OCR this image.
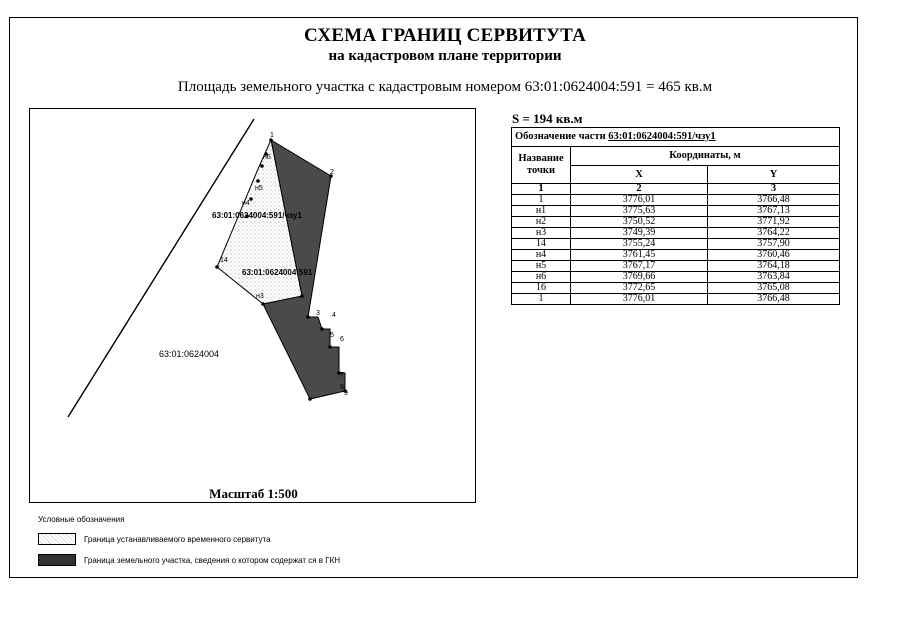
СХЕМА ГРАНИЦ СЕРВИТУТА
на кадастровом плане территории
Площадь земельного участка с кадастровым номером 63:01:0624004:591 = 465 кв.м
1
н6
н5
н4
14
н3
2
3 4
5
6
7
8
9
63:01:0624004:591/чзу1
63:01:0624004:591
63:01:0624004
Масштаб 1:500
S = 194 кв.м
Обозначение части 63:01:0624004:591/чзу1		
Название точки	Координаты, м	
	X	Y
1	2	3
1	3776,01	3766,48
н1	3775,63	3767,13
н2	3750,52	3771,92
н3	3749,39	3764,22
14	3755,24	3757,90
н4	3761,45	3760,46
н5	3767,17	3764,18
н6	3769,66	3763,84
16	3772,65	3765,08
1	3776,01	3766,48
Условные обозначения
Граница устанавливаемого временного сервитута
Граница земельного участка, сведения о котором содержат ся в ГКН
